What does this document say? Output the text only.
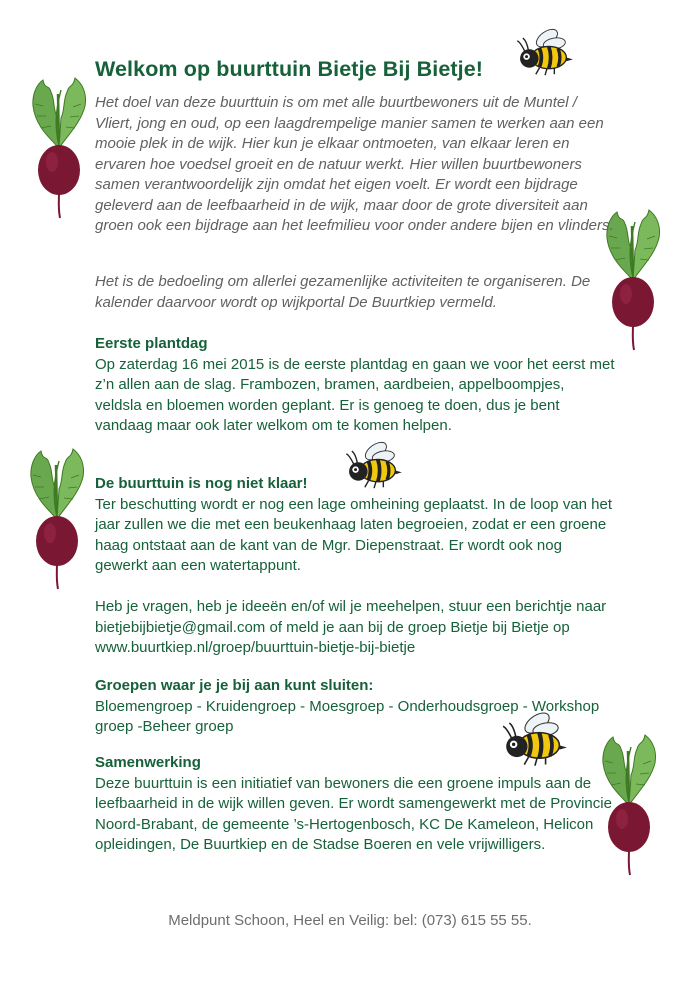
Welkom op buurttuin Bietje Bij Bietje!

Het doel van deze buurttuin is om met alle buurtbewoners uit de Muntel / Vliert, jong en oud, op een laagdrempelige manier samen te werken aan een mooie plek in de wijk. Hier kun je elkaar ontmoeten, van elkaar leren en ervaren hoe voedsel groeit en de natuur werkt. Hier willen buurtbewoners samen verantwoordelijk zijn omdat het eigen voelt. Er wordt een bijdrage geleverd aan de leefbaarheid in de wijk, maar door de grote diversiteit aan groen ook een bijdrage aan het leefmilieu voor onder andere bijen en vlinders.

Het is de bedoeling om allerlei gezamenlijke activiteiten te organiseren. De kalender daarvoor wordt op wijkportal De Buurtkiep vermeld.

Eerste plantdag

Op zaterdag 16 mei 2015 is de eerste plantdag en gaan we voor het eerst met z’n allen aan de slag. Frambozen, bramen, aardbeien, appelboompjes, veldsla en bloemen worden geplant. Er is genoeg te doen, dus je bent vandaag maar ook later welkom om te komen helpen.

De buurttuin is nog niet klaar!

Ter beschutting wordt er nog een lage omheining geplaatst. In de loop van het jaar zullen we die met een beukenhaag laten begroeien, zodat er een groene haag ontstaat aan de kant van de Mgr. Diepenstraat. Er wordt ook nog gewerkt aan een watertappunt.

Heb je vragen, heb je ideeën en/of wil je meehelpen, stuur een berichtje naar bietjebijbietje@gmail.com of meld je aan bij de groep Bietje bij Bietje op www.buurtkiep.nl/groep/buurttuin-bietje-bij-bietje

Groepen waar je je bij aan kunt sluiten:

Bloemengroep - Kruidengroep - Moesgroep - Onderhoudsgroep - Workshop groep -Beheer groep

Samenwerking

Deze buurttuin is een initiatief van bewoners die een groene impuls aan de leefbaarheid in de wijk willen geven. Er wordt samengewerkt met de Provincie Noord-Brabant, de gemeente ’s-Hertogenbosch, KC De Kameleon, Helicon opleidingen, De Buurtkiep en de Stadse Boeren en vele vrijwilligers.

Meldpunt Schoon, Heel en Veilig: bel: (073) 615 55 55.
